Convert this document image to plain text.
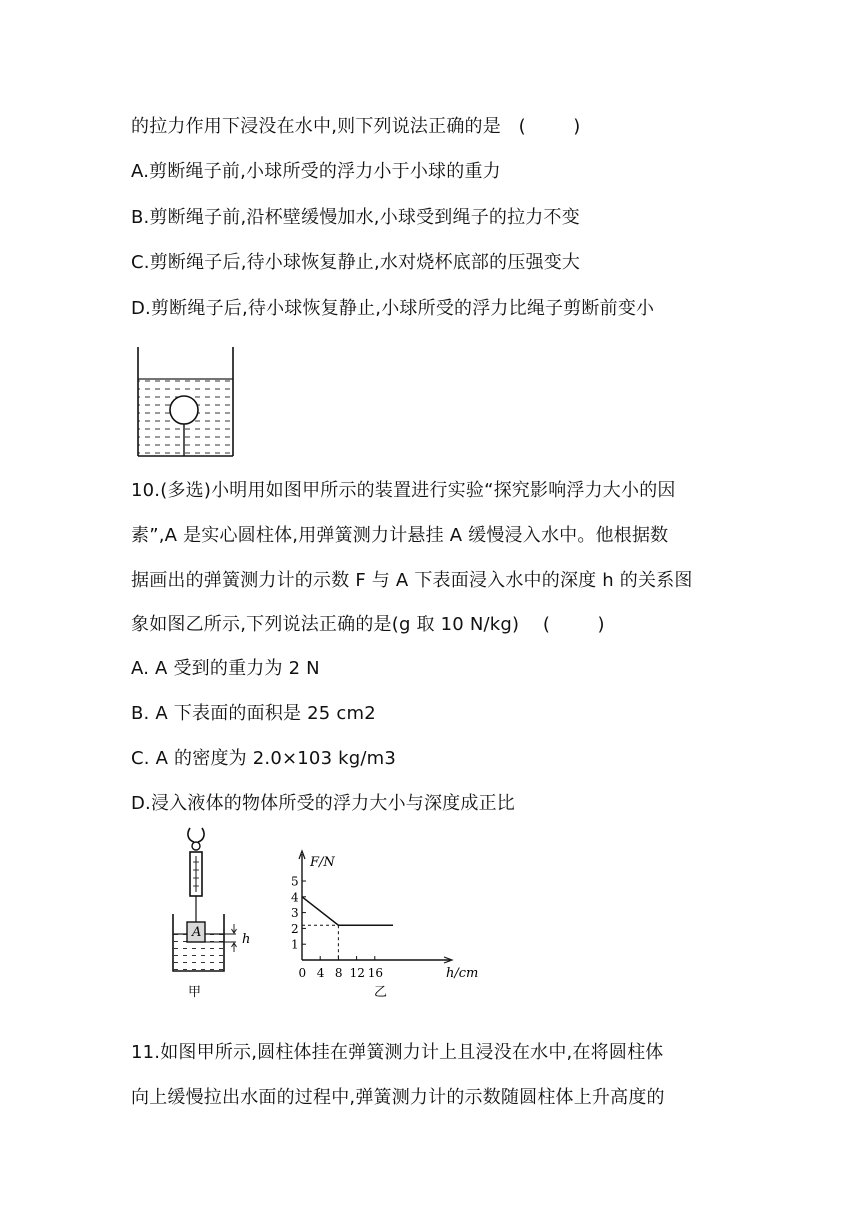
的拉力作用下浸没在水中,则下列说法正确的是   (        )
A.剪断绳子前,小球所受的浮力小于小球的重力
B.剪断绳子前,沿杯壁缓慢加水,小球受到绳子的拉力不变
C.剪断绳子后,待小球恢复静止,水对烧杯底部的压强变大
D.剪断绳子后,待小球恢复静止,小球所受的浮力比绳子剪断前变小
10.(多选)小明用如图甲所示的装置进行实验“探究影响浮力大小的因
素”,A 是实心圆柱体,用弹簧测力计悬挂 A 缓慢浸入水中。他根据数
据画出的弹簧测力计的示数 F 与 A 下表面浸入水中的深度 h 的关系图
象如图乙所示,下列说法正确的是(g 取 10 N/kg)    (        )
A. A 受到的重力为 2 N
B. A 下表面的面积是 25 cm2
C. A 的密度为 2.0×103 kg/m3
D.浸入液体的物体所受的浮力大小与深度成正比
A	h
甲
F/N
h/cm
1
2
3
4
5
0 4 8 12 16
乙
11.如图甲所示,圆柱体挂在弹簧测力计上且浸没在水中,在将圆柱体
向上缓慢拉出水面的过程中,弹簧测力计的示数随圆柱体上升高度的
